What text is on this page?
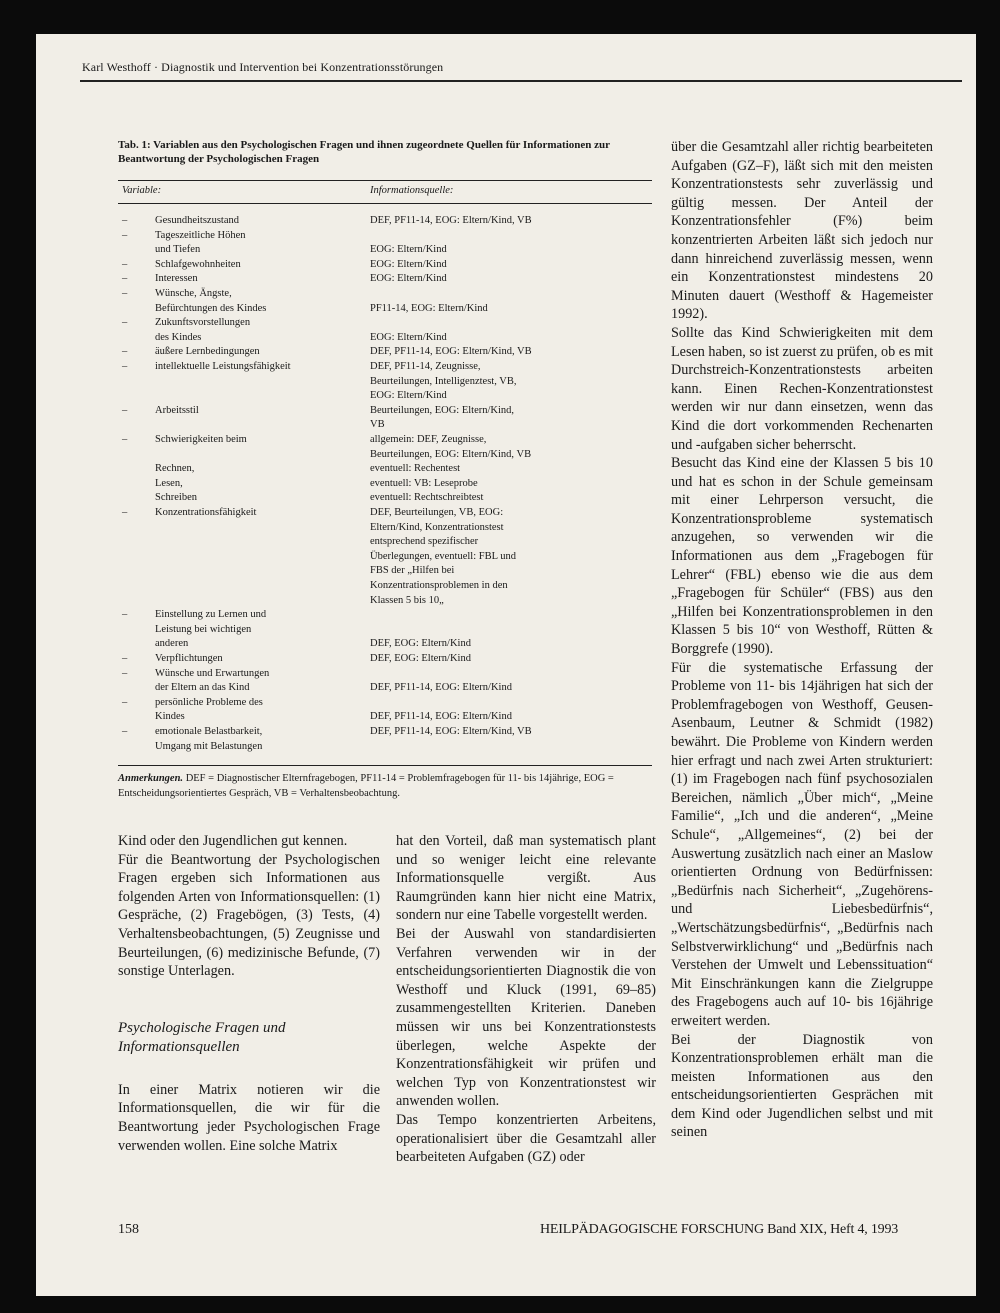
Karl Westhoff · Diagnostik und Intervention bei Konzentrationsstörungen
Tab. 1: Variablen aus den Psychologischen Fragen und ihnen zugeordnete Quellen für Informationen zur Beantwortung der Psychologischen Fragen
Variable:	Informationsquelle:
–	Gesundheitszustand	DEF, PF11-14, EOG: Eltern/Kind, VB
–	Tageszeitliche Höhen
und Tiefen	EOG: Eltern/Kind
–	Schlafgewohnheiten	EOG: Eltern/Kind
–	Interessen	EOG: Eltern/Kind
–	Wünsche, Ängste,
Befürchtungen des Kindes	PF11-14, EOG: Eltern/Kind
–	Zukunftsvorstellungen
des Kindes	EOG: Eltern/Kind
–	äußere Lernbedingungen	DEF, PF11-14, EOG: Eltern/Kind, VB
–	intellektuelle Leistungsfähigkeit	DEF, PF11-14, Zeugnisse,
Beurteilungen, Intelligenztest, VB,
EOG: Eltern/Kind
–	Arbeitsstil	Beurteilungen, EOG: Eltern/Kind,
VB
–	Schwierigkeiten beim	allgemein: DEF, Zeugnisse,
Beurteilungen, EOG: Eltern/Kind, VB
Rechnen,	eventuell: Rechentest
Lesen,	eventuell: VB: Leseprobe
Schreiben	eventuell: Rechtschreibtest
–	Konzentrationsfähigkeit	DEF, Beurteilungen, VB, EOG:
Eltern/Kind, Konzentrationstest
entsprechend spezifischer
Überlegungen, eventuell: FBL und
FBS der „Hilfen bei
Konzentrationsproblemen in den
Klassen 5 bis 10„
–	Einstellung zu Lernen und
Leistung bei wichtigen
anderen	DEF, EOG: Eltern/Kind
–	Verpflichtungen	DEF, EOG: Eltern/Kind
–	Wünsche und Erwartungen
der Eltern an das Kind	DEF, PF11-14, EOG: Eltern/Kind
–	persönliche Probleme des
Kindes	DEF, PF11-14, EOG: Eltern/Kind
–	emotionale Belastbarkeit,	DEF, PF11-14, EOG: Eltern/Kind, VB
Umgang mit Belastungen
Anmerkungen. DEF = Diagnostischer Elternfragebogen, PF11-14 = Problemfragebogen für 11- bis 14jährige, EOG = Entscheidungsorientiertes Gespräch, VB = Verhaltensbeobachtung.

Kind oder den Jugendlichen gut kennen.

Für die Beantwortung der Psychologischen Fragen ergeben sich Informationen aus folgenden Arten von Informationsquellen: (1) Gespräche, (2) Fragebögen, (3) Tests, (4) Verhaltensbeobachtungen, (5) Zeugnisse und Beurteilungen, (6) medizinische Befunde, (7) sonstige Unterlagen.

Psychologische Fragen und Informationsquellen

In einer Matrix notieren wir die Informationsquellen, die wir für die Beantwortung jeder Psychologischen Frage verwenden wollen. Eine solche Matrix

hat den Vorteil, daß man systematisch plant und so weniger leicht eine relevante Informationsquelle vergißt. Aus Raumgründen kann hier nicht eine Matrix, sondern nur eine Tabelle vorgestellt werden.

Bei der Auswahl von standardisierten Verfahren verwenden wir in der entscheidungsorientierten Diagnostik die von Westhoff und Kluck (1991, 69–85) zusammengestellten Kriterien. Daneben müssen wir uns bei Konzentrationstests überlegen, welche Aspekte der Konzentrationsfähigkeit wir prüfen und welchen Typ von Konzentrationstest wir anwenden wollen.

Das Tempo konzentrierten Arbeitens, operationalisiert über die Gesamtzahl aller bearbeiteten Aufgaben (GZ) oder

über die Gesamtzahl aller richtig bearbeiteten Aufgaben (GZ–F), läßt sich mit den meisten Konzentrationstests sehr zuverlässig und gültig messen. Der Anteil der Konzentrationsfehler (F%) beim konzentrierten Arbeiten läßt sich jedoch nur dann hinreichend zuverlässig messen, wenn ein Konzentrationstest mindestens 20 Minuten dauert (Westhoff & Hagemeister 1992).

Sollte das Kind Schwierigkeiten mit dem Lesen haben, so ist zuerst zu prüfen, ob es mit Durchstreich-Konzentrationstests arbeiten kann. Einen Rechen-Konzentrationstest werden wir nur dann einsetzen, wenn das Kind die dort vorkommenden Rechenarten und -aufgaben sicher beherrscht.

Besucht das Kind eine der Klassen 5 bis 10 und hat es schon in der Schule gemeinsam mit einer Lehrperson versucht, die Konzentrationsprobleme systematisch anzugehen, so verwenden wir die Informationen aus dem „Fragebogen für Lehrer“ (FBL) ebenso wie die aus dem „Fragebogen für Schüler“ (FBS) aus den „Hilfen bei Konzentrationsproblemen in den Klassen 5 bis 10“ von Westhoff, Rütten & Borggrefe (1990).

Für die systematische Erfassung der Probleme von 11- bis 14jährigen hat sich der Problemfragebogen von Westhoff, Geusen-Asenbaum, Leutner & Schmidt (1982) bewährt. Die Probleme von Kindern werden hier erfragt und nach zwei Arten strukturiert: (1) im Fragebogen nach fünf psychosozialen Bereichen, nämlich „Über mich“, „Meine Familie“, „Ich und die anderen“, „Meine Schule“, „Allgemeines“, (2) bei der Auswertung zusätzlich nach einer an Maslow orientierten Ordnung von Bedürfnissen: „Bedürfnis nach Sicherheit“, „Zugehörens- und Liebesbedürfnis“, „Wertschätzungsbedürfnis“, „Bedürfnis nach Selbstverwirklichung“ und „Bedürfnis nach Verstehen der Umwelt und Lebenssituation“ Mit Einschränkungen kann die Zielgruppe des Fragebogens auch auf 10- bis 16jährige erweitert werden.

Bei der Diagnostik von Konzentrationsproblemen erhält man die meisten Informationen aus den entscheidungsorientierten Gesprächen mit dem Kind oder Jugendlichen selbst und mit seinen

158	HEILPÄDAGOGISCHE FORSCHUNG Band XIX, Heft 4, 1993
